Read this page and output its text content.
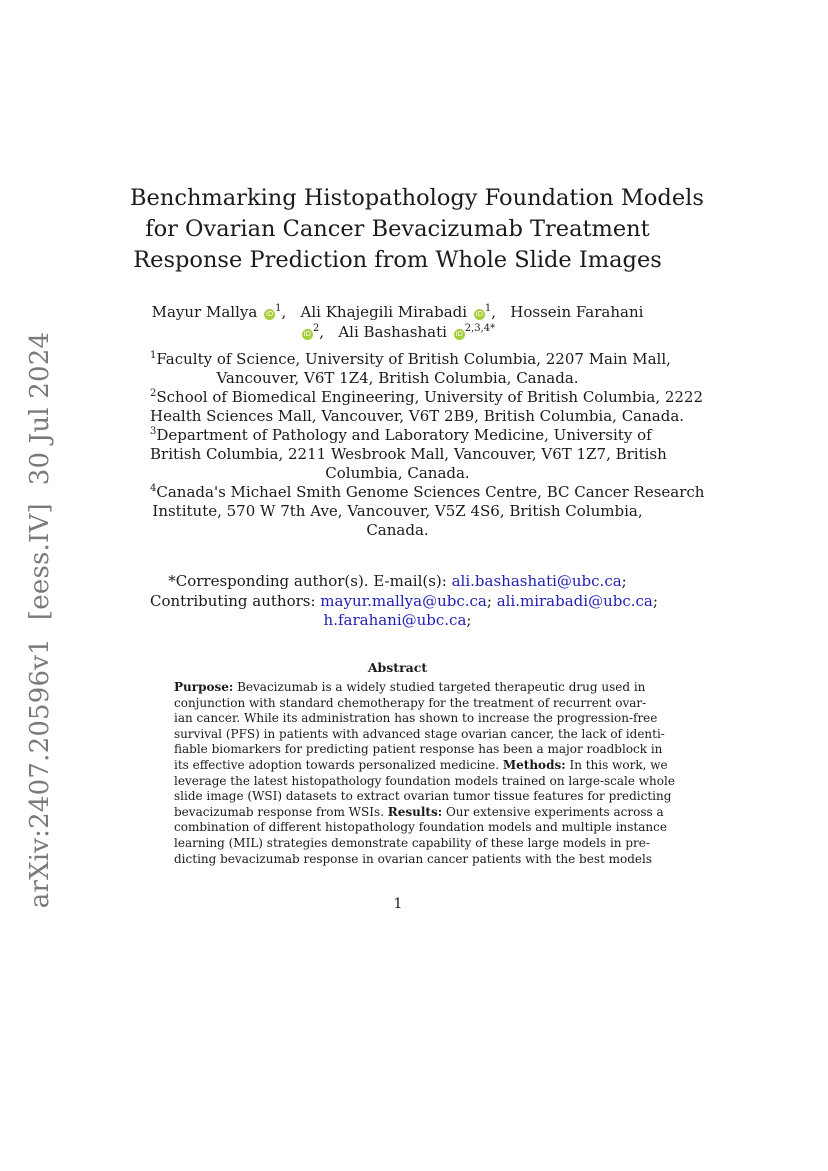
arXiv:2407.20596v1[eess.IV]30 Jul 2024
Benchmarking Histopathology Foundation Models
for Ovarian Cancer Bevacizumab Treatment
Response Prediction from Whole Slide Images
Mayur Mallya iD $^1$,   Ali Khajegili Mirabadi iD $^1$,   Hossein Farahani
iD $^2$,   Ali Bashashati iD $^{2,3,4*}$
$^1$Faculty of Science, University of British Columbia, 2207 Main Mall,
Vancouver, V6T 1Z4, British Columbia, Canada.
$^2$School of Biomedical Engineering, University of British Columbia, 2222
Health Sciences Mall, Vancouver, V6T 2B9, British Columbia, Canada.
$^3$Department of Pathology and Laboratory Medicine, University of
British Columbia, 2211 Wesbrook Mall, Vancouver, V6T 1Z7, British
Columbia, Canada.
$^4$Canada's Michael Smith Genome Sciences Centre, BC Cancer Research
Institute, 570 W 7th Ave, Vancouver, V5Z 4S6, British Columbia,
Canada.
*Corresponding author(s). E-mail(s): ali.bashashati@ubc.ca;
Contributing authors: mayur.mallya@ubc.ca; ali.mirabadi@ubc.ca;
h.farahani@ubc.ca;
Abstract
Purpose: Bevacizumab is a widely studied targeted therapeutic drug used in
conjunction with standard chemotherapy for the treatment of recurrent ovar-
ian cancer. While its administration has shown to increase the progression-free
survival (PFS) in patients with advanced stage ovarian cancer, the lack of identi-
fiable biomarkers for predicting patient response has been a major roadblock in
its effective adoption towards personalized medicine. Methods: In this work, we
leverage the latest histopathology foundation models trained on large-scale whole
slide image (WSI) datasets to extract ovarian tumor tissue features for predicting
bevacizumab response from WSIs. Results: Our extensive experiments across a
combination of different histopathology foundation models and multiple instance
learning (MIL) strategies demonstrate capability of these large models in pre-
dicting bevacizumab response in ovarian cancer patients with the best models
1
